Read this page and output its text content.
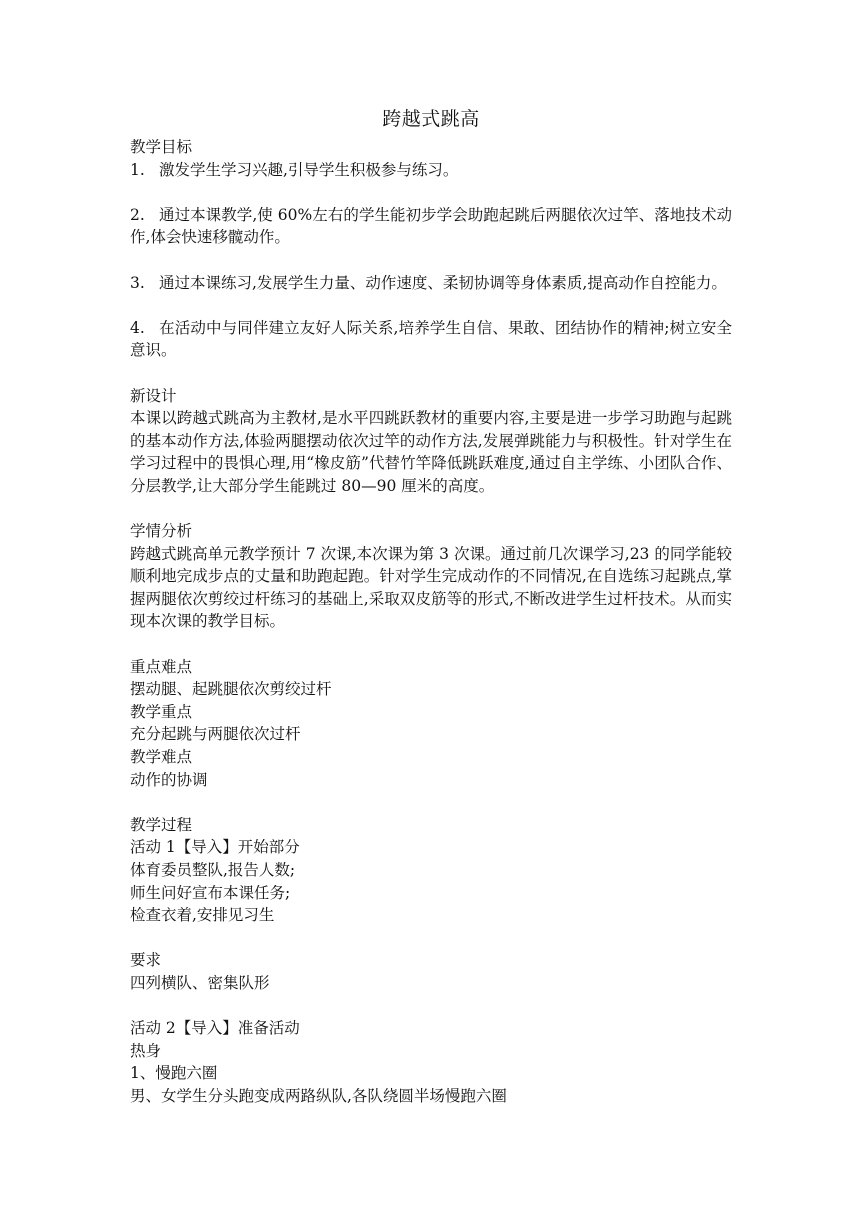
跨越式跳高
教学目标
1. 激发学生学习兴趣,引导学生积极参与练习。
2. 通过本课教学,使 60%左右的学生能初步学会助跑起跳后两腿依次过竿、落地技术动作,体会快速移髋动作。
3. 通过本课练习,发展学生力量、动作速度、柔韧协调等身体素质,提高动作自控能力。
4. 在活动中与同伴建立友好人际关系,培养学生自信、果敢、团结协作的精神;树立安全意识。
新设计
本课以跨越式跳高为主教材,是水平四跳跃教材的重要内容,主要是进一步学习助跑与起跳的基本动作方法,体验两腿摆动依次过竿的动作方法,发展弹跳能力与积极性。针对学生在学习过程中的畏惧心理,用“橡皮筋”代替竹竿降低跳跃难度,通过自主学练、小团队合作、分层教学,让大部分学生能跳过 80—90 厘米的高度。
学情分析
跨越式跳高单元教学预计 7 次课,本次课为第 3 次课。通过前几次课学习,23 的同学能较顺利地完成步点的丈量和助跑起跑。针对学生完成动作的不同情况,在自选练习起跳点,掌握两腿依次剪绞过杆练习的基础上,采取双皮筋等的形式,不断改进学生过杆技术。从而实现本次课的教学目标。
重点难点
摆动腿、起跳腿依次剪绞过杆
教学重点
充分起跳与两腿依次过杆
教学难点
动作的协调
教学过程
活动 1【导入】开始部分
体育委员整队,报告人数;
师生问好宣布本课任务;
检查衣着,安排见习生
要求
四列横队、密集队形
活动 2【导入】准备活动
热身
1、慢跑六圈
男、女学生分头跑变成两路纵队,各队绕圆半场慢跑六圈
